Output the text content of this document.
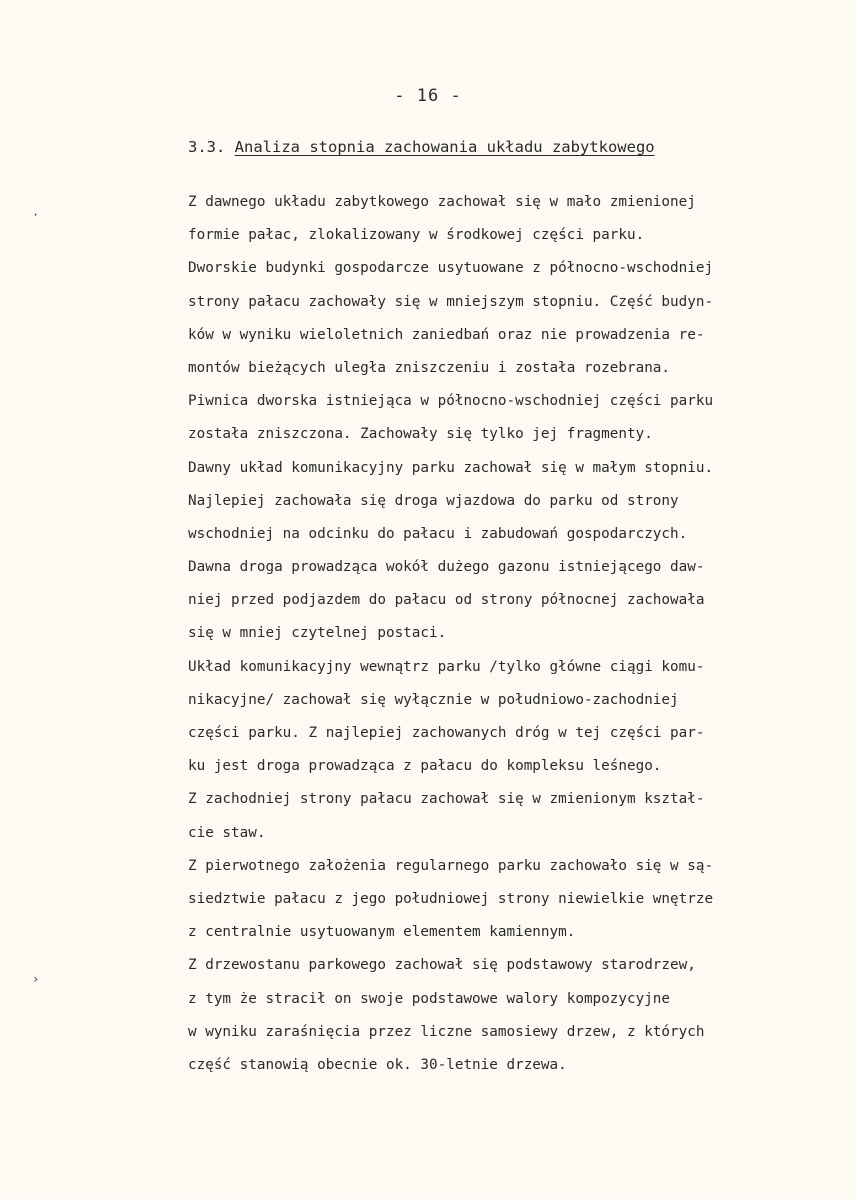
- 16 -
3.3. Analiza stopnia zachowania układu zabytkowego
·
›
Z dawnego układu zabytkowego zachował się w mało zmienionej
formie pałac, zlokalizowany w środkowej części parku.
Dworskie budynki gospodarcze usytuowane z północno-wschodniej
strony pałacu zachowały się w mniejszym stopniu. Część budyn-
ków w wyniku wieloletnich zaniedbań oraz nie prowadzenia re-
montów bieżących uległa zniszczeniu i została rozebrana.
Piwnica dworska istniejąca w północno-wschodniej części parku
została zniszczona. Zachowały się tylko jej fragmenty.
Dawny układ komunikacyjny parku zachował się w małym stopniu.
Najlepiej zachowała się droga wjazdowa do parku od strony
wschodniej na odcinku do pałacu i zabudowań gospodarczych.
Dawna droga prowadząca wokół dużego gazonu istniejącego daw-
niej przed podjazdem do pałacu od strony północnej zachowała
się w mniej czytelnej postaci.
Układ komunikacyjny wewnątrz parku /tylko główne ciągi komu-
nikacyjne/ zachował się wyłącznie w południowo-zachodniej
części parku. Z najlepiej zachowanych dróg w tej części par-
ku jest droga prowadząca z pałacu do kompleksu leśnego.
Z zachodniej strony pałacu zachował się w zmienionym kształ-
cie staw.
Z pierwotnego założenia regularnego parku zachowało się w są-
siedztwie pałacu z jego południowej strony niewielkie wnętrze
z centralnie usytuowanym elementem kamiennym.
Z drzewostanu parkowego zachował się podstawowy starodrzew,
z tym że stracił on swoje podstawowe walory kompozycyjne
w wyniku zaraśnięcia przez liczne samosiewy drzew, z których
część stanowią obecnie ok. 30-letnie drzewa.
